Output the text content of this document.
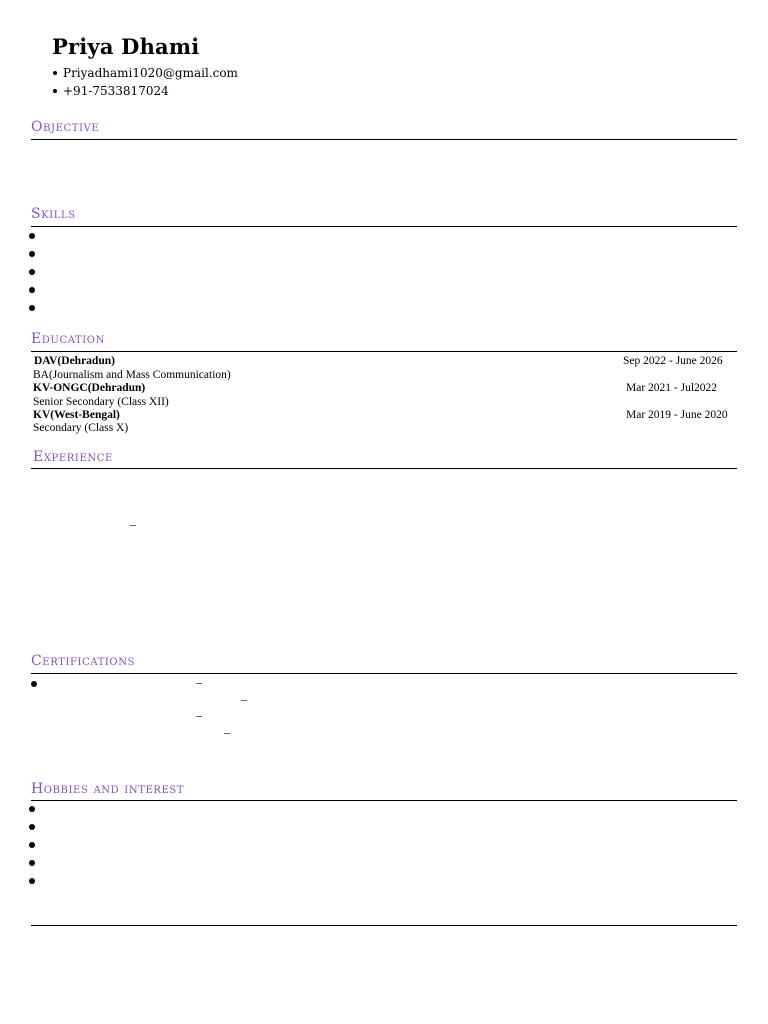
Priya Dhami
Priyadhami1020@gmail.com
+91-7533817024
Objective
Skills
Education
DAV(Dehradun)
BA(Journalism and Mass Communication)
Sep 2022 - June 2026
KV-ONGC(Dehradun)
Senior Secondary (Class XII)
Mar 2021 - Jul2022
KV(West-Bengal)
Secondary (Class X)
Mar 2019 - June 2020
Experience
–
Certifications
–
–
–
–
Hobbies and interest
